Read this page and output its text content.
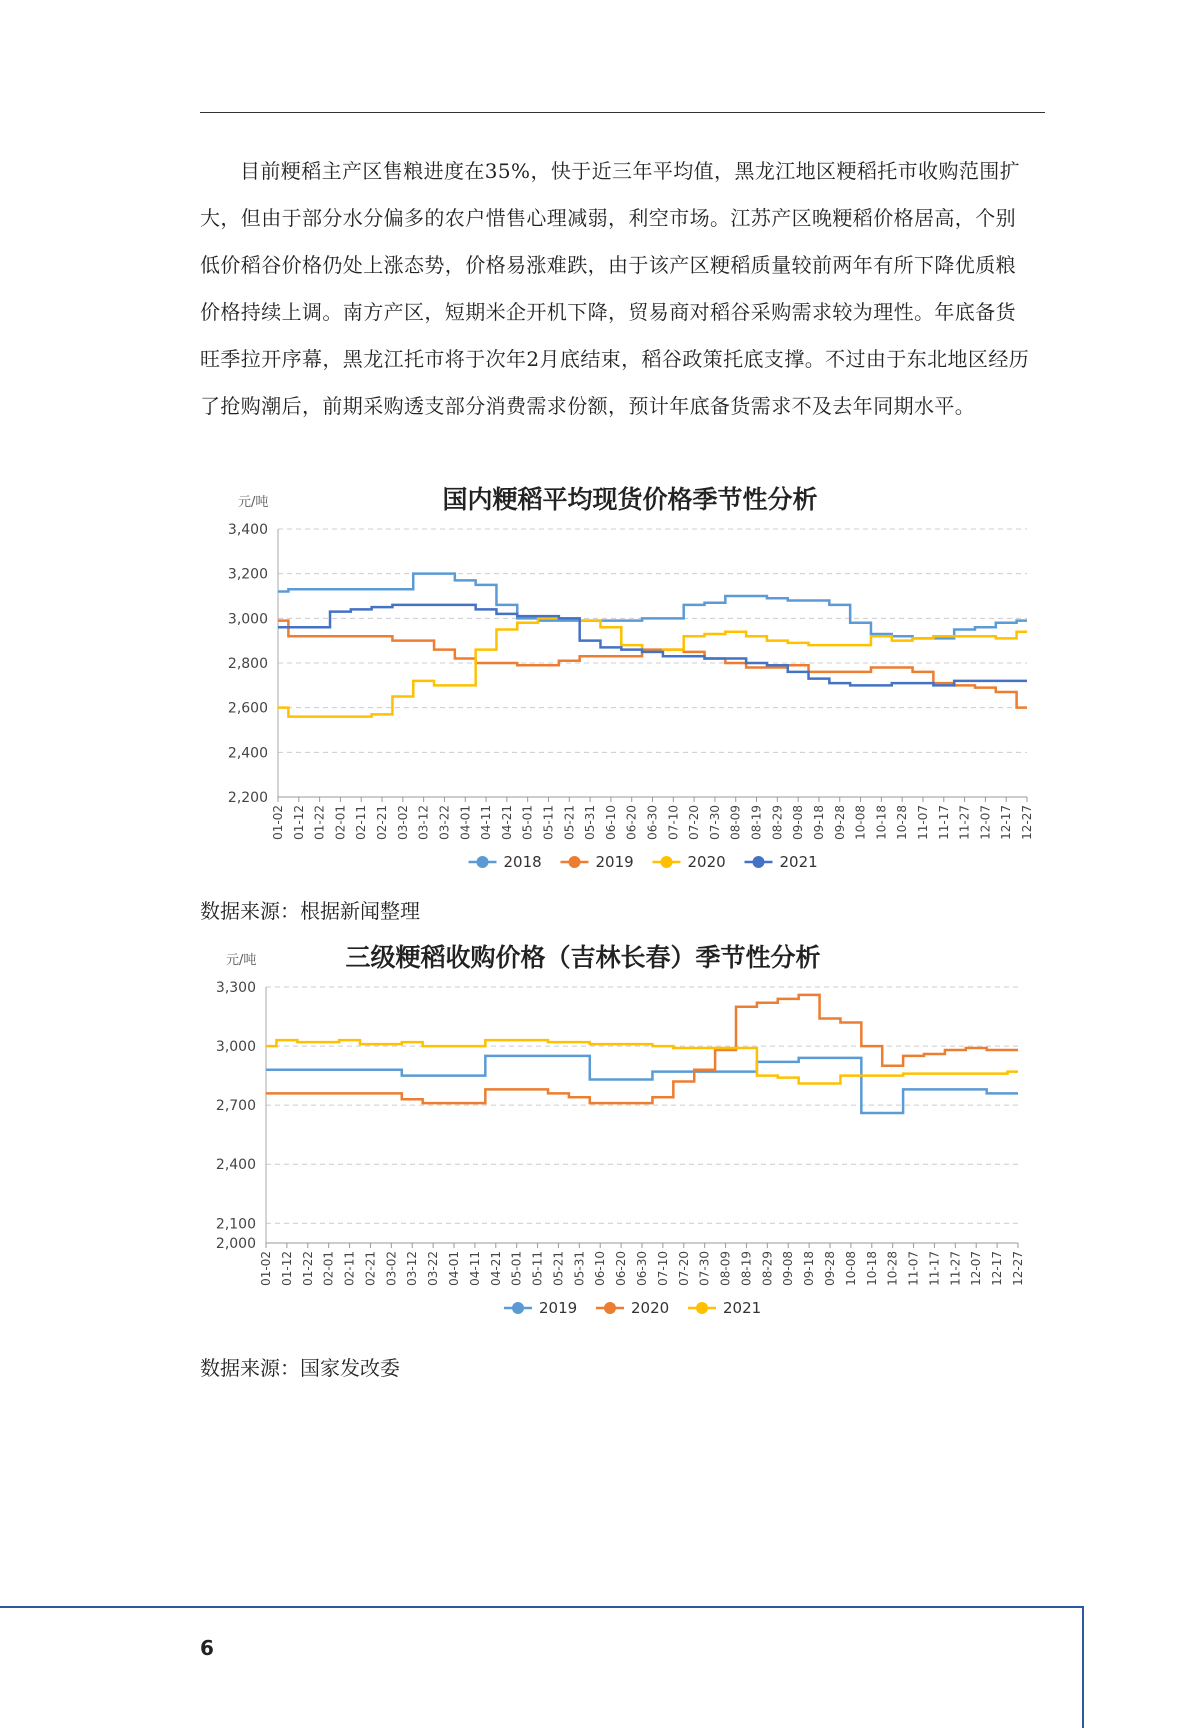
目前粳稻主产区售粮进度在35%，快于近三年平均值，黑龙江地区粳稻托市收购范围扩大，但由于部分水分偏多的农户惜售心理减弱，利空市场。江苏产区晚粳稻价格居高，个别低价稻谷价格仍处上涨态势，价格易涨难跌，由于该产区粳稻质量较前两年有所下降优质粮价格持续上调。南方产区，短期米企开机下降，贸易商对稻谷采购需求较为理性。年底备货旺季拉开序幕，黑龙江托市将于次年2月底结束，稻谷政策托底支撑。不过由于东北地区经历了抢购潮后，前期采购透支部分消费需求份额，预计年底备货需求不及去年同期水平。

国内粳稻平均现货价格季节性分析
元/吨
2,200
2,400
2,600
2,800
3,000
3,200
3,400
01-02 01-12 01-22 02-01 02-11 02-21 03-02 03-12 03-22 04-01 04-11 04-21 05-01 05-11 05-21 05-31 06-10 06-20 06-30 07-10 07-20 07-30 08-09 08-19 08-29 09-08 09-18 09-28 10-08 10-18 10-28 11-07 11-17 11-27 12-07 12-17 12-27
2018	2019	2020	2021
数据来源：根据新闻整理
三级粳稻收购价格（吉林长春）季节性分析
元/吨
2,000
2,100
2,400
2,700
3,000
3,300
01-02 01-12 01-22 02-01 02-11 02-21 03-02 03-12 03-22 04-01 04-11 04-21 05-01 05-11 05-21 05-31 06-10 06-20 06-30 07-10 07-20 07-30 08-09 08-19 08-29 09-08 09-18 09-28 10-08 10-18 10-28 11-07 11-17 11-27 12-07 12-17 12-27
2019	2020	2021
数据来源：国家发改委
6
